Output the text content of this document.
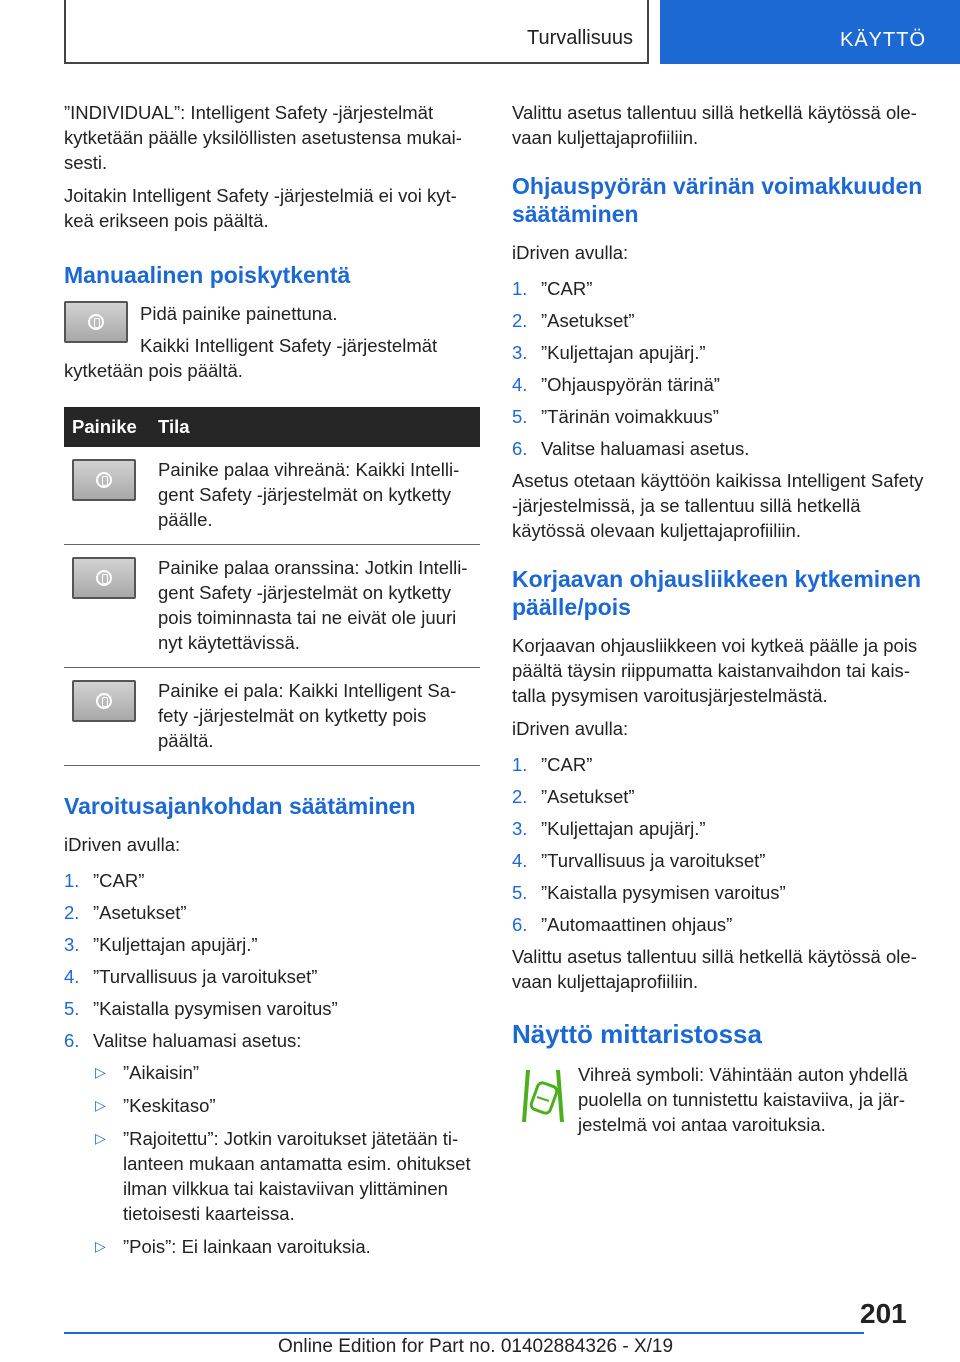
Turvallisuus	KÄYTTÖ

”INDIVIDUAL”: Intelligent Safety -järjestelmät kytketään päälle yksilöllisten asetustensa mukaisesti.

Joitakin Intelligent Safety -järjestelmiä ei voi kytkeä erikseen pois päältä.

Manuaalinen poiskytkentä

Pidä painike painettuna.

Kaikki Intelligent Safety -järjestelmät kytketään pois päältä.

Painike	Tila

	Painike palaa vihreänä: Kaikki Intelligent Safety -järjestelmät on kytketty päälle.

	Painike palaa oranssina: Jotkin Intelligent Safety -järjestelmät on kytketty pois toiminnasta tai ne eivät ole juuri nyt käytettävissä.

	Painike ei pala: Kaikki Intelligent Safety -järjestelmät on kytketty pois päältä.
Varoitusajankohdan säätäminen

iDriven avulla:

1. ”CAR”
2. ”Asetukset”
3. ”Kuljettajan apujärj.”
4. ”Turvallisuus ja varoitukset”
5. ”Kaistalla pysymisen varoitus”
6. Valitse haluamasi asetus:
▷ ”Aikaisin”
▷ ”Keskitaso”
▷ ”Rajoitettu”: Jotkin varoitukset jätetään tilanteen mukaan antamatta esim. ohitukset ilman vilkkua tai kaistaviivan ylittäminen tietoisesti kaarteissa.
▷ ”Pois”: Ei lainkaan varoituksia.

Valittu asetus tallentuu sillä hetkellä käytössä olevaan kuljettajaprofiiliin.

Ohjauspyörän värinän voimakkuuden säätäminen

iDriven avulla:

1. ”CAR”
2. ”Asetukset”
3. ”Kuljettajan apujärj.”
4. ”Ohjauspyörän tärinä”
5. ”Tärinän voimakkuus”
6. Valitse haluamasi asetus.

Asetus otetaan käyttöön kaikissa Intelligent Safety -järjestelmissä, ja se tallentuu sillä hetkellä käytössä olevaan kuljettajaprofiiliin.

Korjaavan ohjausliikkeen kytkeminen päälle/pois

Korjaavan ohjausliikkeen voi kytkeä päälle ja pois päältä täysin riippumatta kaistanvaihdon tai kaistalla pysymisen varoitusjärjestelmästä.

iDriven avulla:

1. ”CAR”
2. ”Asetukset”
3. ”Kuljettajan apujärj.”
4. ”Turvallisuus ja varoitukset”
5. ”Kaistalla pysymisen varoitus”
6. ”Automaattinen ohjaus”

Valittu asetus tallentuu sillä hetkellä käytössä olevaan kuljettajaprofiiliin.

Näyttö mittaristossa

Vihreä symboli: Vähintään auton yhdellä puolella on tunnistettu kaistaviiva, ja järjestelmä voi antaa varoituksia.

201
Online Edition for Part no. 01402884326 - X/19
